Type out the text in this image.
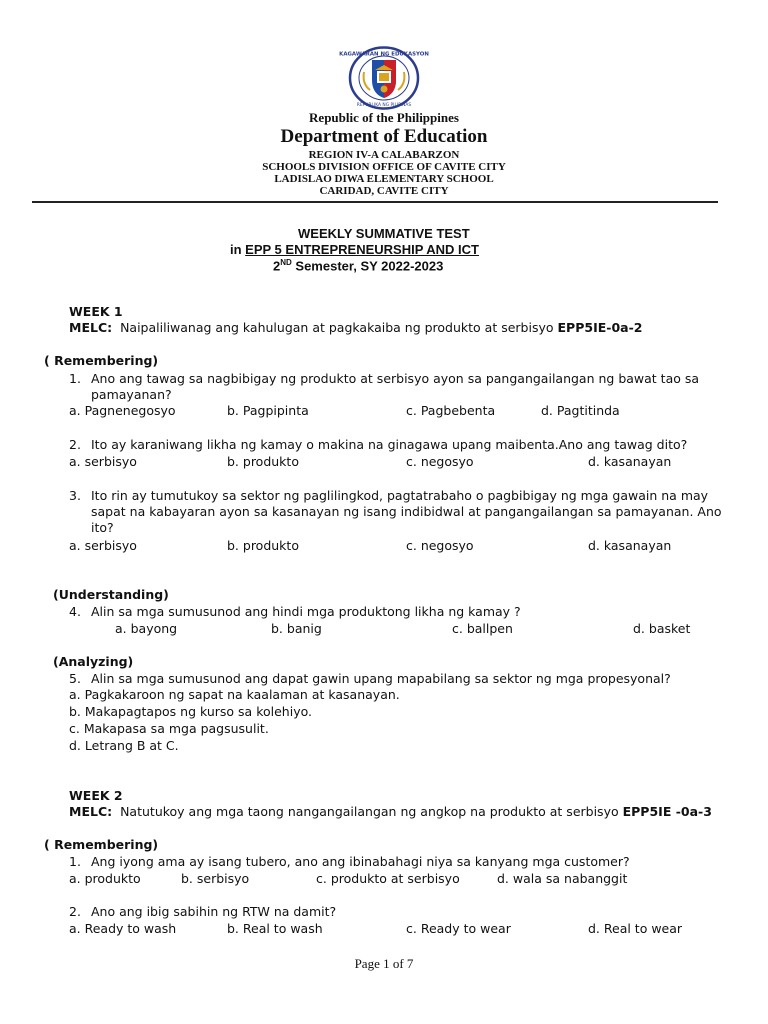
KAGAWARAN NG EDUKASYON
REPUBLIKA NG PILIPINAS
Republic of the Philippines
Department of Education
REGION IV-A CALABARZON
SCHOOLS DIVISION OFFICE OF CAVITE CITY
LADISLAO DIWA ELEMENTARY SCHOOL
CARIDAD, CAVITE CITY
WEEKLY SUMMATIVE TEST
in EPP 5 ENTREPRENEURSHIP AND ICT
2ND Semester, SY 2022-2023
WEEK 1
MELC: Naipaliliwanag ang kahulugan at pagkakaiba ng produkto at serbisyo EPP5IE-0a-2
( Remembering)
1. Ano ang tawag sa nagbibigay ng produkto at serbisyo ayon sa pangangailangan ng bawat tao sa
pamayanan?
a. Pagnenegosyo	b. Pagpipinta	c. Pagbebenta	d. Pagtitinda
2. Ito ay karaniwang likha ng kamay o makina na ginagawa upang maibenta.Ano ang tawag dito?
a. serbisyo	b. produkto	c. negosyo	d. kasanayan
3. Ito rin ay tumutukoy sa sektor ng paglilingkod, pagtatrabaho o pagbibigay ng mga gawain na may
sapat na kabayaran ayon sa kasanayan ng isang indibidwal at pangangailangan sa pamayanan. Ano
ito?
a. serbisyo	b. produkto	c. negosyo	d. kasanayan
(Understanding)
4. Alin sa mga sumusunod ang hindi mga produktong likha ng kamay ?
a. bayong	b. banig	c. ballpen	d. basket
(Analyzing)
5. Alin sa mga sumusunod ang dapat gawin upang mapabilang sa sektor ng mga propesyonal?
a. Pagkakaroon ng sapat na kaalaman at kasanayan.
b. Makapagtapos ng kurso sa kolehiyo.
c. Makapasa sa mga pagsusulit.
d. Letrang B at C.
WEEK 2
MELC: Natutukoy ang mga taong nangangailangan ng angkop na produkto at serbisyo EPP5IE -0a-3
( Remembering)
1. Ang iyong ama ay isang tubero, ano ang ibinabahagi niya sa kanyang mga customer?
a. produkto	b. serbisyo	c. produkto at serbisyo	d. wala sa nabanggit
2. Ano ang ibig sabihin ng RTW na damit?
a. Ready to wash	b. Real to wash	c. Ready to wear	d. Real to wear
Page 1 of 7
